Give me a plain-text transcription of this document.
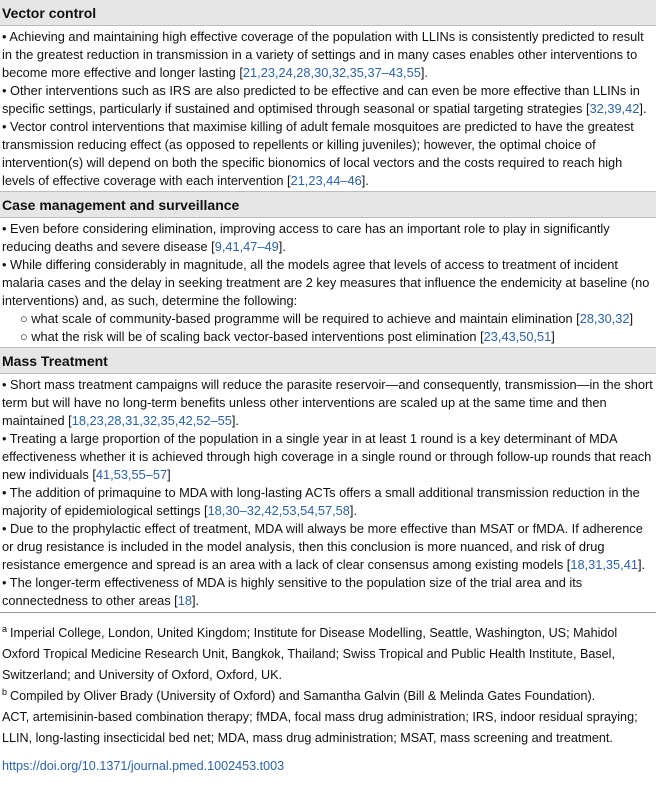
Vector control

• Achieving and maintaining high effective coverage of the population with LLINs is consistently predicted to result in the greatest reduction in transmission in a variety of settings and in many cases enables other interventions to become more effective and longer lasting [21,23,24,28,30,32,35,37–43,55].

• Other interventions such as IRS are also predicted to be effective and can even be more effective than LLINs in specific settings, particularly if sustained and optimised through seasonal or spatial targeting strategies [32,39,42].

• Vector control interventions that maximise killing of adult female mosquitoes are predicted to have the greatest transmission reducing effect (as opposed to repellents or killing juveniles); however, the optimal choice of intervention(s) will depend on both the specific bionomics of local vectors and the costs required to reach high levels of effective coverage with each intervention [21,23,44–46].

Case management and surveillance

• Even before considering elimination, improving access to care has an important role to play in significantly reducing deaths and severe disease [9,41,47–49].

• While differing considerably in magnitude, all the models agree that levels of access to treatment of incident malaria cases and the delay in seeking treatment are 2 key measures that influence the endemicity at baseline (no interventions) and, as such, determine the following:

○ what scale of community-based programme will be required to achieve and maintain elimination [28,30,32]

○ what the risk will be of scaling back vector-based interventions post elimination [23,43,50,51]

Mass Treatment

• Short mass treatment campaigns will reduce the parasite reservoir—and consequently, transmission—in the short term but will have no long-term benefits unless other interventions are scaled up at the same time and then maintained [18,23,28,31,32,35,42,52–55].

• Treating a large proportion of the population in a single year in at least 1 round is a key determinant of MDA effectiveness whether it is achieved through high coverage in a single round or through follow-up rounds that reach new individuals [41,53,55–57]

• The addition of primaquine to MDA with long-lasting ACTs offers a small additional transmission reduction in the majority of epidemiological settings [18,30–32,42,53,54,57,58].

• Due to the prophylactic effect of treatment, MDA will always be more effective than MSAT or fMDA. If adherence or drug resistance is included in the model analysis, then this conclusion is more nuanced, and risk of drug resistance emergence and spread is an area with a lack of clear consensus among existing models [18,31,35,41].

• The longer-term effectiveness of MDA is highly sensitive to the population size of the trial area and its connectedness to other areas [18].

$^a$ Imperial College, London, United Kingdom; Institute for Disease Modelling, Seattle, Washington, US; Mahidol Oxford Tropical Medicine Research Unit, Bangkok, Thailand; Swiss Tropical and Public Health Institute, Basel, Switzerland; and University of Oxford, Oxford, UK.

$^b$ Compiled by Oliver Brady (University of Oxford) and Samantha Galvin (Bill & Melinda Gates Foundation).

ACT, artemisinin-based combination therapy; fMDA, focal mass drug administration; IRS, indoor residual spraying; LLIN, long-lasting insecticidal bed net; MDA, mass drug administration; MSAT, mass screening and treatment.

https://doi.org/10.1371/journal.pmed.1002453.t003
